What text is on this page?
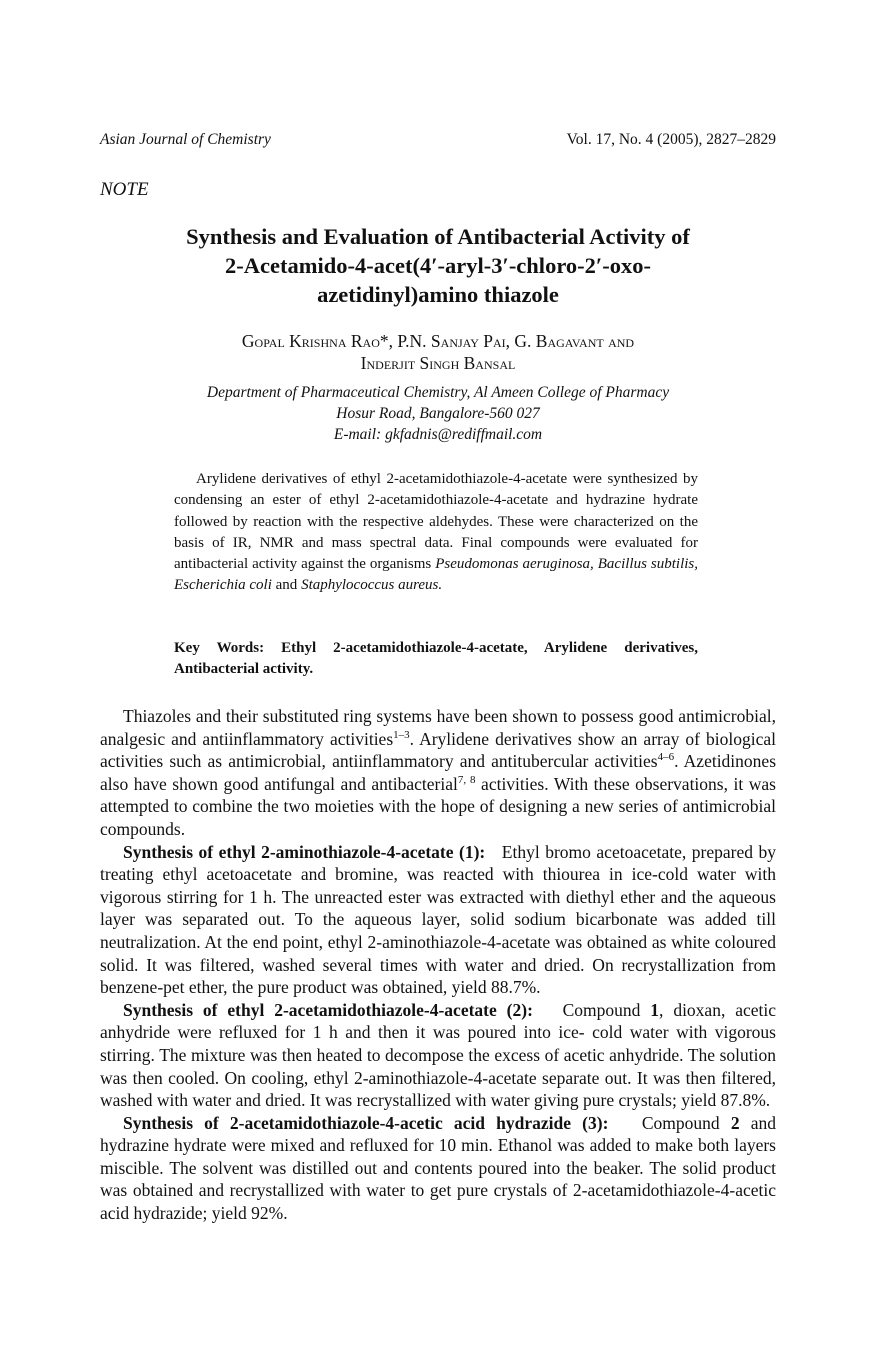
Asian Journal of Chemistry	Vol. 17, No. 4 (2005), 2827–2829
NOTE
Synthesis and Evaluation of Antibacterial Activity of
2-Acetamido-4-acet(4′-aryl-3′-chloro-2′-oxo-
azetidinyl)amino thiazole
Gopal Krishna Rao*, P.N. Sanjay Pai, G. Bagavant and
Inderjit Singh Bansal
Department of Pharmaceutical Chemistry, Al Ameen College of Pharmacy
Hosur Road, Bangalore-560 027
E-mail: gkfadnis@rediffmail.com

Arylidene derivatives of ethyl 2-acetamidothiazole-4-acetate were synthesized by condensing an ester of ethyl 2-acetamidothiazole-4-acetate and hydrazine hydrate followed by reaction with the respective aldehydes. These were characterized on the basis of IR, NMR and mass spectral data. Final compounds were evaluated for antibacterial activity against the organisms Pseudomonas aeruginosa, Bacillus subtilis, Escherichia coli and Staphylococcus aureus.

Key Words: Ethyl 2-acetamidothiazole-4-acetate, Arylidene derivatives, Antibacterial activity.

Thiazoles and their substituted ring systems have been shown to possess good antimicrobial, analgesic and antiinflammatory activities$^{1-3}$. Arylidene derivatives show an array of biological activities such as antimicrobial, antiinflammatory and antitubercular activities$^{4-6}$. Azetidinones also have shown good antifungal and antibacterial$^{7, 8}$ activities. With these observations, it was attempted to combine the two moieties with the hope of designing a new series of antimicrobial compounds.

Synthesis of ethyl 2-aminothiazole-4-acetate (1): Ethyl bromo acetoacetate, prepared by treating ethyl acetoacetate and bromine, was reacted with thiourea in ice-cold water with vigorous stirring for 1 h. The unreacted ester was extracted with diethyl ether and the aqueous layer was separated out. To the aqueous layer, solid sodium bicarbonate was added till neutralization. At the end point, ethyl 2-aminothiazole-4-acetate was obtained as white coloured solid. It was filtered, washed several times with water and dried. On recrystallization from benzene-pet ether, the pure product was obtained, yield 88.7%.

Synthesis of ethyl 2-acetamidothiazole-4-acetate (2): Compound 1, dioxan, acetic anhydride were refluxed for 1 h and then it was poured into ice- cold water with vigorous stirring. The mixture was then heated to decompose the excess of acetic anhydride. The solution was then cooled. On cooling, ethyl 2-aminothiazole-4-acetate separate out. It was then filtered, washed with water and dried. It was recrystallized with water giving pure crystals; yield 87.8%.

Synthesis of 2-acetamidothiazole-4-acetic acid hydrazide (3): Compound 2 and hydrazine hydrate were mixed and refluxed for 10 min. Ethanol was added to make both layers miscible. The solvent was distilled out and contents poured into the beaker. The solid product was obtained and recrystallized with water to get pure crystals of 2-acetamidothiazole-4-acetic acid hydrazide; yield 92%.
